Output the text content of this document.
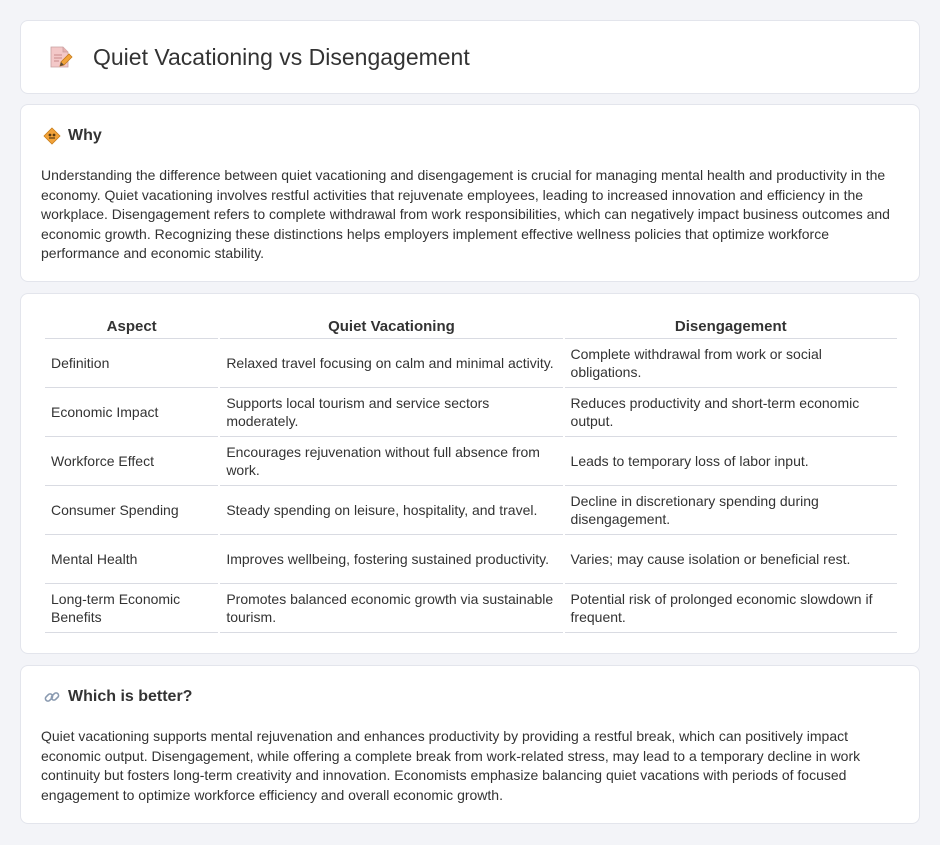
Quiet Vacationing vs Disengagement
Why

Understanding the difference between quiet vacationing and disengagement is crucial for managing mental health and productivity in the economy. Quiet vacationing involves restful activities that rejuvenate employees, leading to increased innovation and efficiency in the workplace. Disengagement refers to complete withdrawal from work responsibilities, which can negatively impact business outcomes and economic growth. Recognizing these distinctions helps employers implement effective wellness policies that optimize workforce performance and economic stability.

Aspect	Quiet Vacationing	Disengagement
Definition	Relaxed travel focusing on calm and minimal activity.	Complete withdrawal from work or social obligations.
Economic Impact	Supports local tourism and service sectors moderately.	Reduces productivity and short-term economic output.
Workforce Effect	Encourages rejuvenation without full absence from work.	Leads to temporary loss of labor input.
Consumer Spending	Steady spending on leisure, hospitality, and travel.	Decline in discretionary spending during disengagement.
Mental Health	Improves wellbeing, fostering sustained productivity.	Varies; may cause isolation or beneficial rest.
Long-term Economic Benefits	Promotes balanced economic growth via sustainable tourism.	Potential risk of prolonged economic slowdown if frequent.
Which is better?

Quiet vacationing supports mental rejuvenation and enhances productivity by providing a restful break, which can positively impact economic output. Disengagement, while offering a complete break from work-related stress, may lead to a temporary decline in work continuity but fosters long-term creativity and innovation. Economists emphasize balancing quiet vacations with periods of focused engagement to optimize workforce efficiency and overall economic growth.
